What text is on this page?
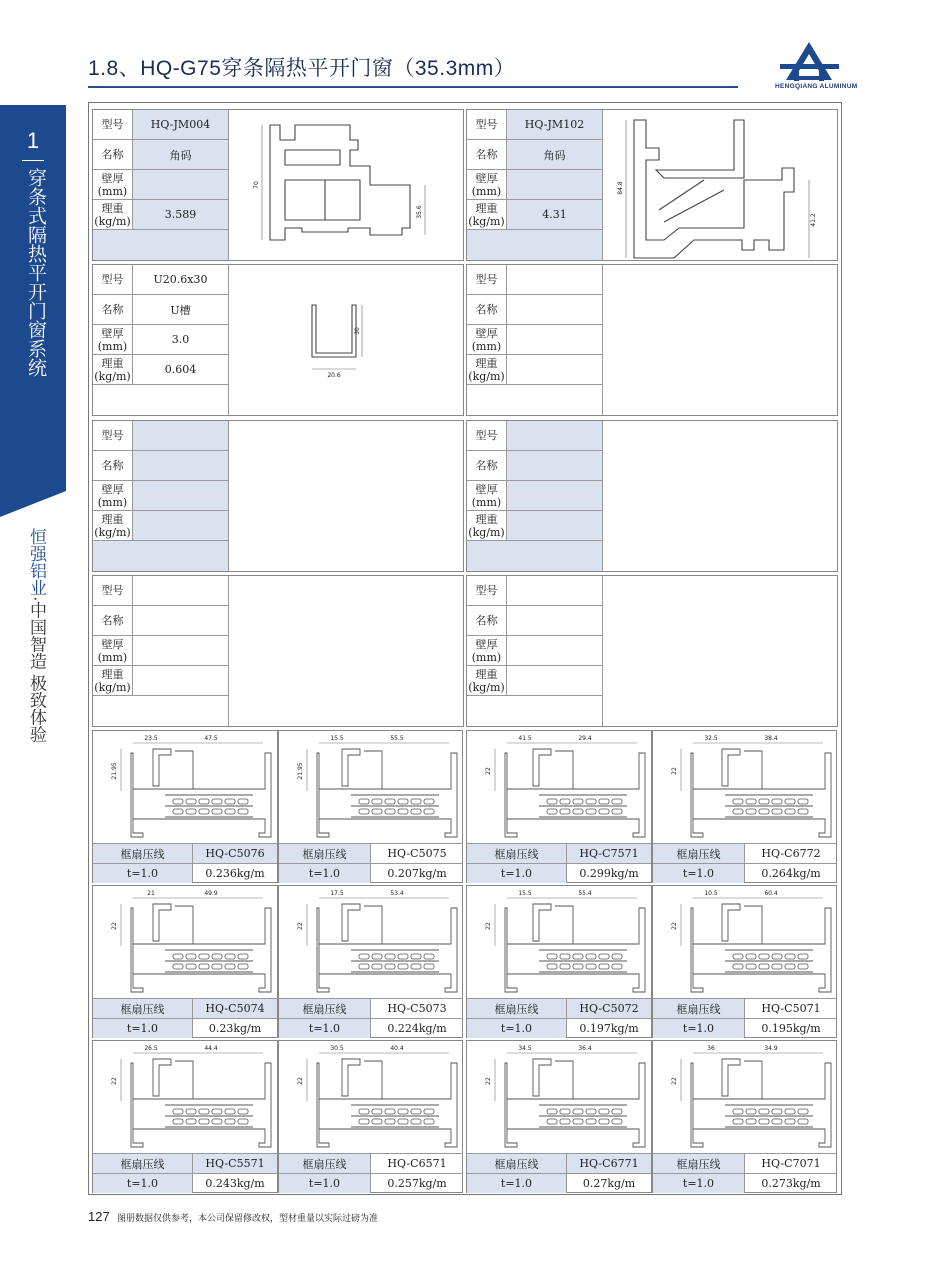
1.8、HQ-G75穿条隔热平开门窗（35.3mm）
HENGQIANG ALUMINUM
1
穿条式隔热平开门窗系统
恒强铝业·中国智造 极致体验
型号	HQ-JM004
名称	角码
壁厚
(mm)
理重
(kg/m)	3.589
70
35.6
型号	HQ-JM102
名称	角码
壁厚
(mm)
理重
(kg/m)	4.31
84.8
41.2
型号	U20.6x30
名称	U槽
壁厚
(mm)	3.0
理重
(kg/m)	0.604
30
20.6
型号
名称
壁厚
(mm)
理重
(kg/m)
型号
名称
壁厚
(mm)
理重
(kg/m)
型号
名称
壁厚
(mm)
理重
(kg/m)
型号
名称
壁厚
(mm)
理重
(kg/m)
型号
名称
壁厚
(mm)
理重
(kg/m)
23.5	47.5
21.95
框扇压线	HQ-C5076
t=1.0	0.236kg/m
15.5	55.5
21.95
框扇压线	HQ-C5075
t=1.0	0.207kg/m
41.5	29.4
22
框扇压线	HQ-C7571
t=1.0	0.299kg/m
32.5	38.4
22
框扇压线	HQ-C6772
t=1.0	0.264kg/m
21	49.9
22
框扇压线	HQ-C5074
t=1.0	0.23kg/m
17.5	53.4
22
框扇压线	HQ-C5073
t=1.0	0.224kg/m
15.5	55.4
22
框扇压线	HQ-C5072
t=1.0	0.197kg/m
10.5	60.4
22
框扇压线	HQ-C5071
t=1.0	0.195kg/m
26.5	44.4
22
框扇压线	HQ-C5571
t=1.0	0.243kg/m
30.5	40.4
22
框扇压线	HQ-C6571
t=1.0	0.257kg/m
34.5	36.4
22
框扇压线	HQ-C6771
t=1.0	0.27kg/m
36	34.9
22
框扇压线	HQ-C7071
t=1.0	0.273kg/m
127 图册数据仅供参考，本公司保留修改权，型材重量以实际过磅为准
